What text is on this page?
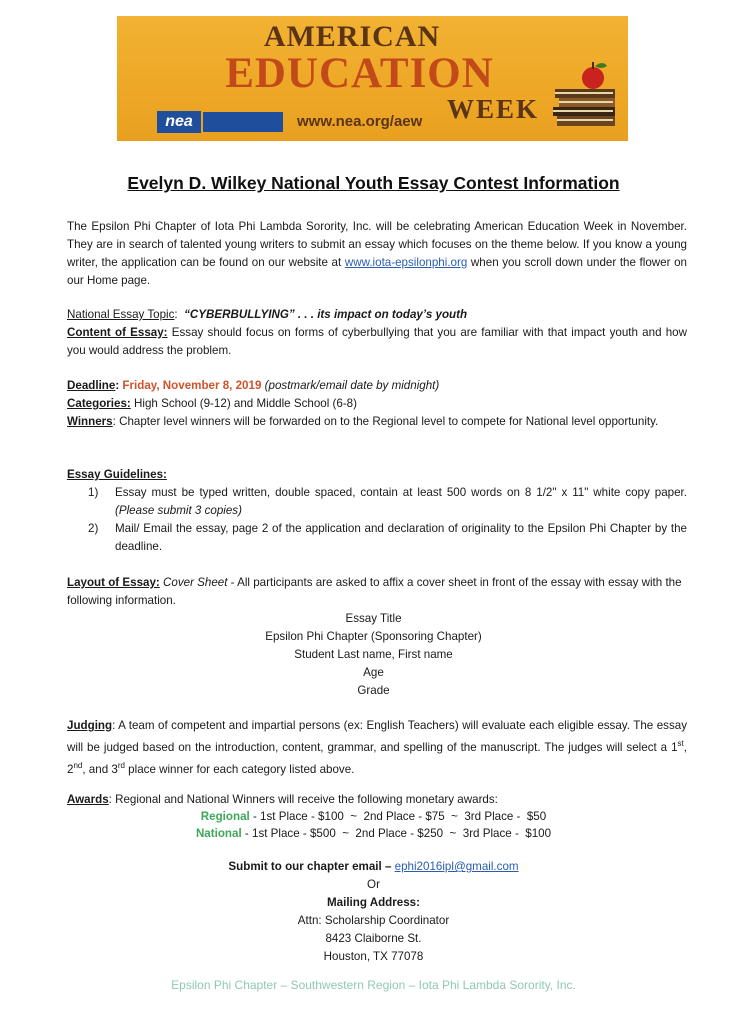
AMERICAN
EDUCATION
WEEK
nea	www.nea.org/aew
Evelyn D. Wilkey National Youth Essay Contest Information
The Epsilon Phi Chapter of Iota Phi Lambda Sorority, Inc. will be celebrating American Education Week in November. They are in search of talented young writers to submit an essay which focuses on the theme below. If you know a young writer, the application can be found on our website at www.iota-epsilonphi.org when you scroll down under the flower on our Home page.
National Essay Topic:  “CYBERBULLYING” . . . its impact on today’s youth
Content of Essay: Essay should focus on forms of cyberbullying that you are familiar with that impact youth and how you would address the problem.
Deadline: Friday, November 8, 2019 (postmark/email date by midnight)
Categories: High School (9-12) and Middle School (6-8)
Winners: Chapter level winners will be forwarded on to the Regional level to compete for National level opportunity.
Essay Guidelines:
1) Essay must be typed written, double spaced, contain at least 500 words on 8 1/2" x 11" white copy paper. (Please submit 3 copies)
2) Mail/ Email the essay, page 2 of the application and declaration of originality to the Epsilon Phi Chapter by the deadline.
Layout of Essay: Cover Sheet - All participants are asked to affix a cover sheet in front of the essay with essay with the following information.
Essay Title
Epsilon Phi Chapter (Sponsoring Chapter)
Student Last name, First name
Age
Grade
Judging: A team of competent and impartial persons (ex: English Teachers) will evaluate each eligible essay. The essay will be judged based on the introduction, content, grammar, and spelling of the manuscript. The judges will select a 1st, 2nd, and 3rd place winner for each category listed above.
Awards: Regional and National Winners will receive the following monetary awards:
Regional - 1st Place - $100  ~  2nd Place - $75  ~  3rd Place -  $50
National - 1st Place - $500  ~  2nd Place - $250  ~  3rd Place -  $100
Submit to our chapter email – ephi2016ipl@gmail.com
Or
Mailing Address:
Attn: Scholarship Coordinator
8423 Claiborne St.
Houston, TX 77078
Epsilon Phi Chapter – Southwestern Region – Iota Phi Lambda Sorority, Inc.
